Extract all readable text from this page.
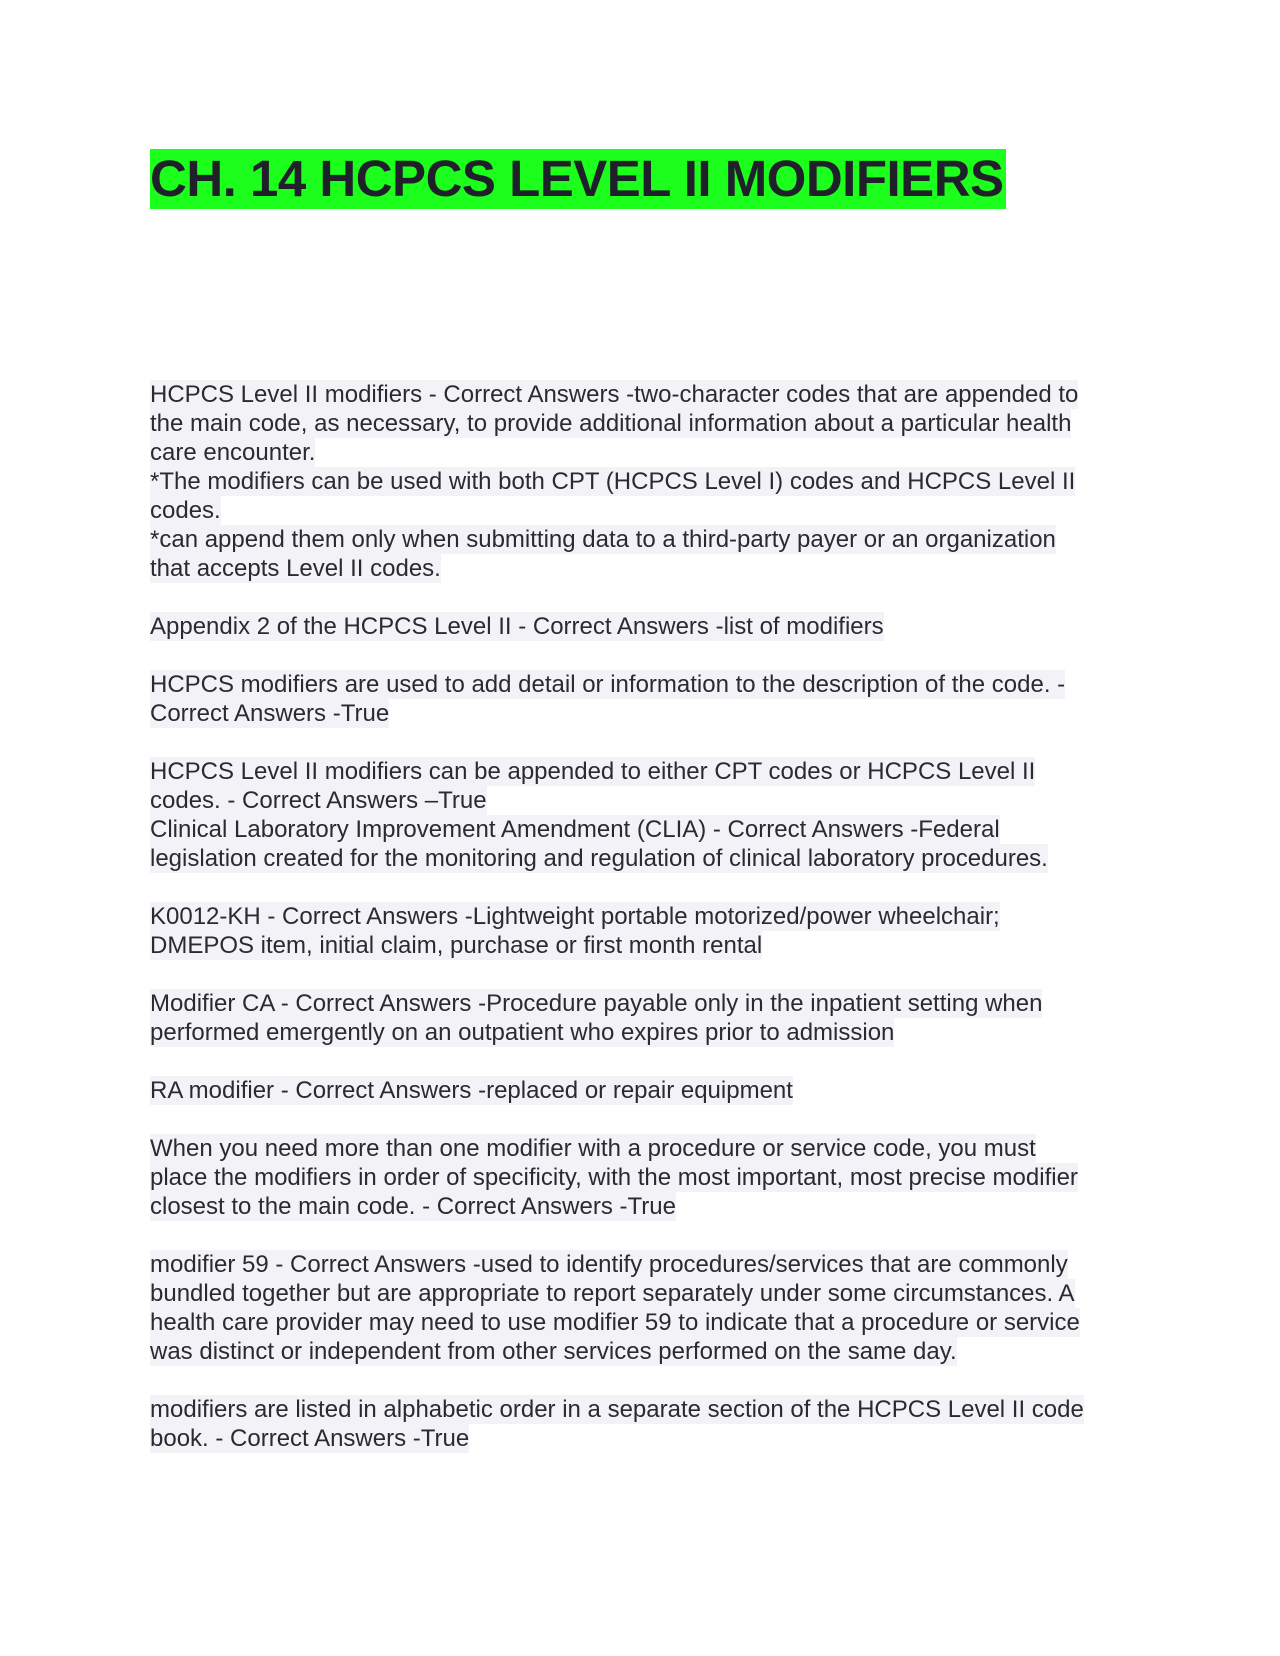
CH. 14 HCPCS LEVEL II MODIFIERS
HCPCS Level II modifiers - Correct Answers -two-character codes that are appended to
the main code, as necessary, to provide additional information about a particular health
care encounter.
*The modifiers can be used with both CPT (HCPCS Level I) codes and HCPCS Level II
codes.
*can append them only when submitting data to a third-party payer or an organization
that accepts Level II codes.
Appendix 2 of the HCPCS Level II - Correct Answers -list of modifiers
HCPCS modifiers are used to add detail or information to the description of the code. -
Correct Answers -True
HCPCS Level II modifiers can be appended to either CPT codes or HCPCS Level II
codes. - Correct Answers –True
Clinical Laboratory Improvement Amendment (CLIA) - Correct Answers -Federal
legislation created for the monitoring and regulation of clinical laboratory procedures.
K0012-KH - Correct Answers -Lightweight portable motorized/power wheelchair;
DMEPOS item, initial claim, purchase or first month rental
Modifier CA - Correct Answers -Procedure payable only in the inpatient setting when
performed emergently on an outpatient who expires prior to admission
RA modifier - Correct Answers -replaced or repair equipment
When you need more than one modifier with a procedure or service code, you must
place the modifiers in order of specificity, with the most important, most precise modifier
closest to the main code. - Correct Answers -True
modifier 59 - Correct Answers -used to identify procedures/services that are commonly
bundled together but are appropriate to report separately under some circumstances. A
health care provider may need to use modifier 59 to indicate that a procedure or service
was distinct or independent from other services performed on the same day.
modifiers are listed in alphabetic order in a separate section of the HCPCS Level II code
book. - Correct Answers -True
